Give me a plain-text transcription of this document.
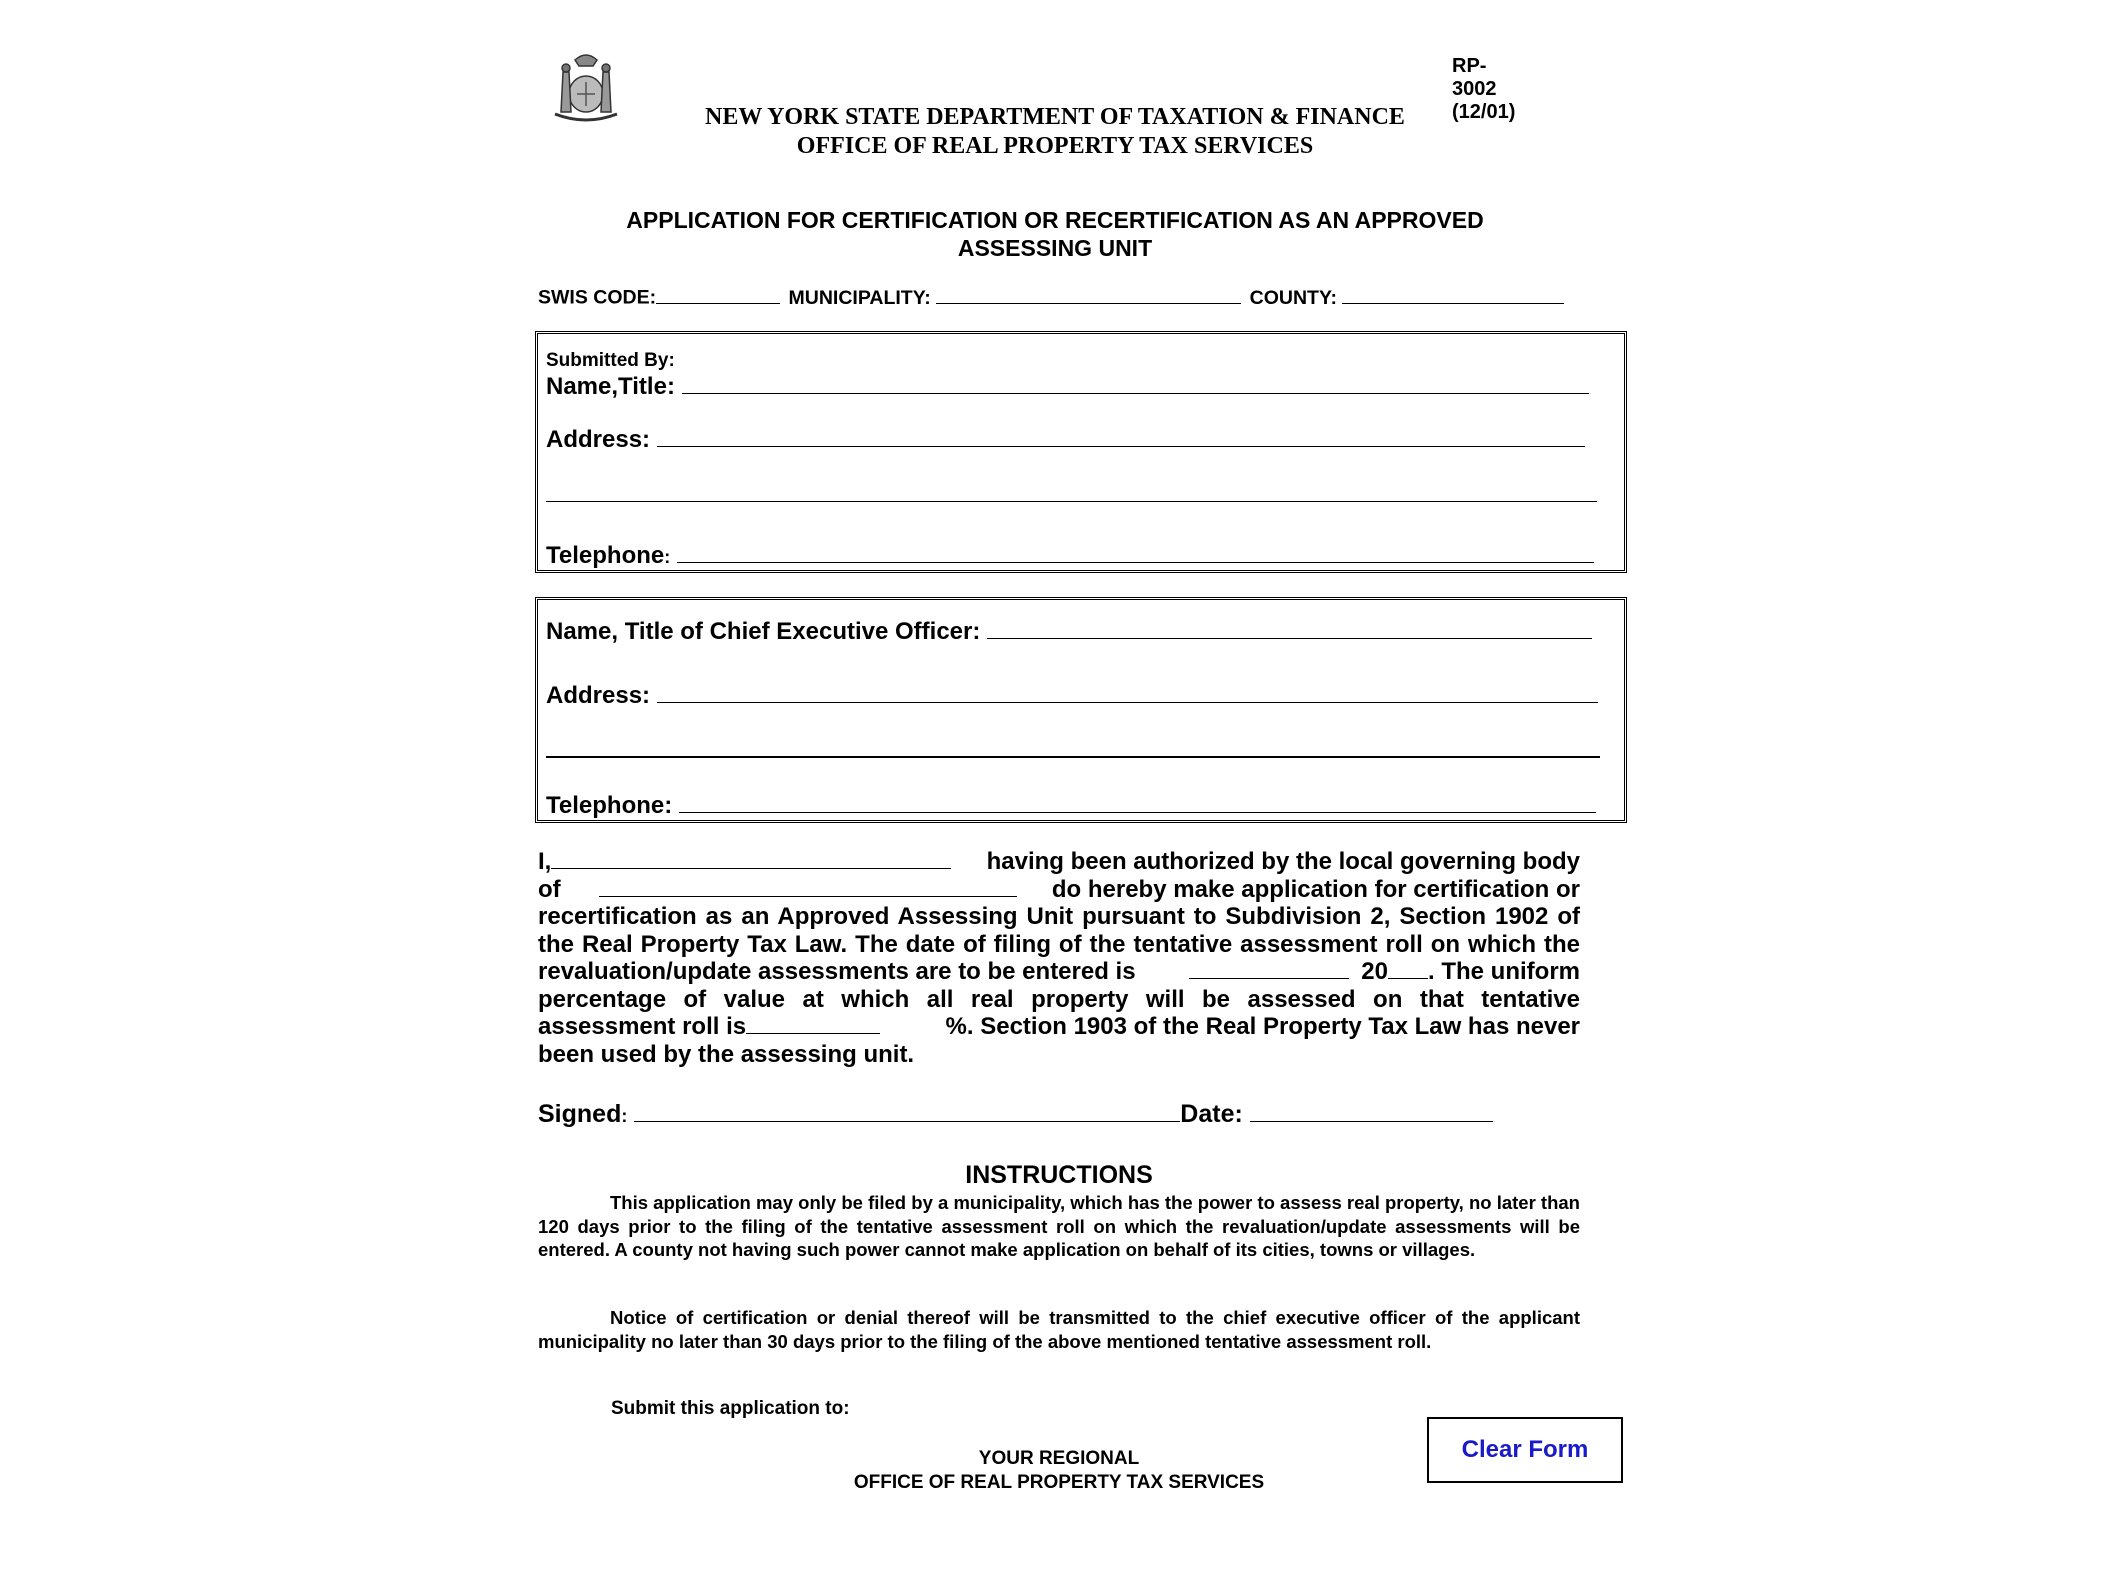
RP-3002 (12/01)
NEW YORK STATE DEPARTMENT OF TAXATION & FINANCE
OFFICE OF REAL PROPERTY TAX SERVICES
APPLICATION FOR CERTIFICATION OR RECERTIFICATION AS AN APPROVED
ASSESSING UNIT
SWIS CODE:	MUNICIPALITY:	COUNTY:
Submitted By:
Name,Title:
Address:
Telephone:
Name, Title of Chief Executive Officer:
Address:
Telephone:
I,	having been authorized by the local governing body
of	do hereby make application for certification or
recertification as an Approved Assessing Unit pursuant to Subdivision 2, Section 1902 of
the Real Property Tax Law. The date of filing of the tentative assessment roll on which the
revaluation/update assessments are to be entered is	20 . The uniform
percentage of value at which all real property will be assessed on that tentative
assessment roll is	%. Section 1903 of the Real Property Tax Law has never
been used by the assessing unit.
Signed:	Date:
INSTRUCTIONS
This application may only be filed by a municipality, which has the power to assess real property, no later than 120 days prior to the filing of the tentative assessment roll on which the revaluation/update assessments will be entered. A county not having such power cannot make application on behalf of its cities, towns or villages.
Notice of certification or denial thereof will be transmitted to the chief executive officer of the applicant municipality no later than 30 days prior to the filing of the above mentioned tentative assessment roll.
Submit this application to:
YOUR REGIONAL
OFFICE OF REAL PROPERTY TAX SERVICES
Clear Form
